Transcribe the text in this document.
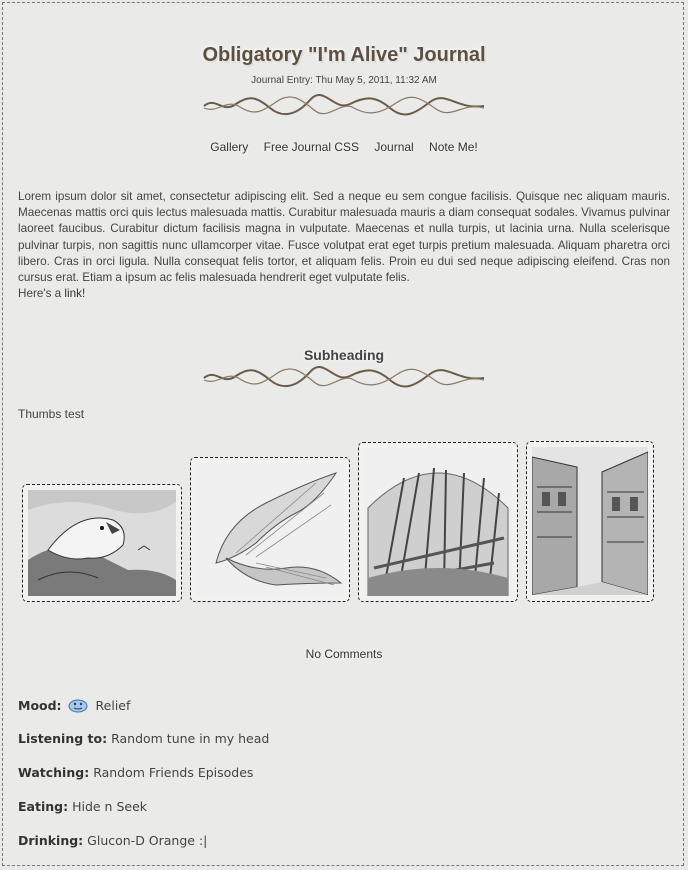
Obligatory "I'm Alive" Journal
Journal Entry: Thu May 5, 2011, 11:32 AM
Gallery Free Journal CSS Journal Note Me!
Lorem ipsum dolor sit amet, consectetur adipiscing elit. Sed a neque eu sem congue facilisis. Quisque nec aliquam mauris. Maecenas mattis orci quis lectus malesuada mattis. Curabitur malesuada mauris a diam consequat sodales. Vivamus pulvinar laoreet faucibus. Curabitur dictum facilisis magna in vulputate. Maecenas et nulla turpis, ut lacinia urna. Nulla scelerisque pulvinar turpis, non sagittis nunc ullamcorper vitae. Fusce volutpat erat eget turpis pretium malesuada. Aliquam pharetra orci libero. Cras in orci ligula. Nulla consequat felis tortor, et aliquam felis. Proin eu dui sed neque adipiscing eleifend. Cras non cursus erat. Etiam a ipsum ac felis malesuada hendrerit eget vulputate felis.
Here's a link!
Subheading
Thumbs test
No Comments
Mood:	Relief
Listening to: Random tune in my head
Watching: Random Friends Episodes
Eating: Hide n Seek
Drinking: Glucon-D Orange :|
